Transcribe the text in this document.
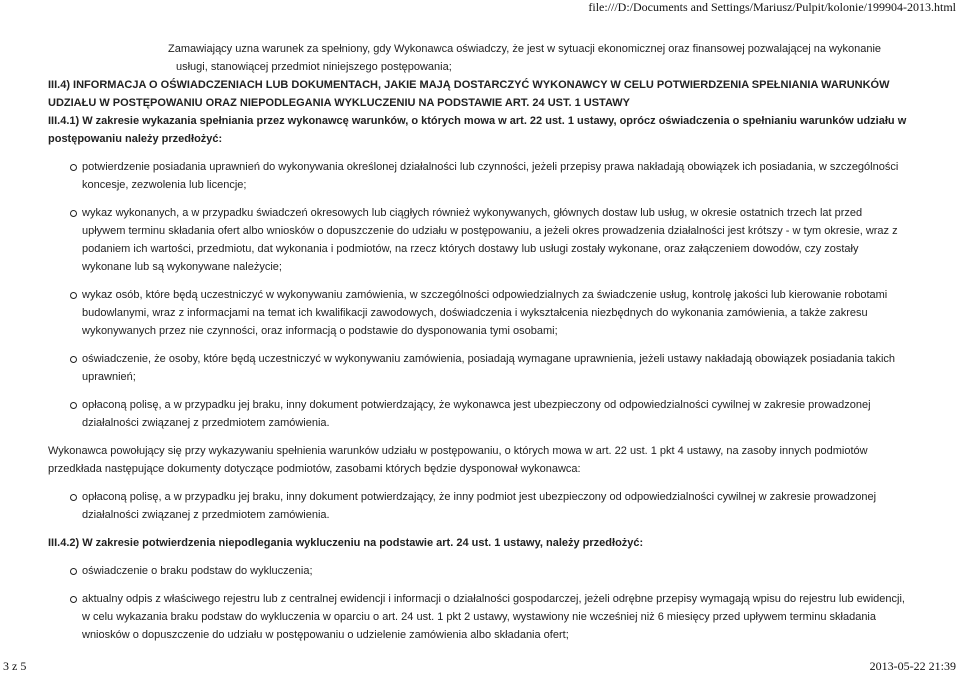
file:///D:/Documents and Settings/Mariusz/Pulpit/kolonie/199904-2013.html
Zamawiający uzna warunek za spełniony, gdy Wykonawca oświadczy, że jest w sytuacji ekonomicznej oraz finansowej pozwalającej na wykonanie
usługi, stanowiącej przedmiot niniejszego postępowania;

III.4) INFORMACJA O OŚWIADCZENIACH LUB DOKUMENTACH, JAKIE MAJĄ DOSTARCZYĆ WYKONAWCY W CELU POTWIERDZENIA SPEŁNIANIA WARUNKÓW UDZIAŁU W POSTĘPOWANIU ORAZ NIEPODLEGANIA WYKLUCZENIU NA PODSTAWIE ART. 24 UST. 1 USTAWY

III.4.1) W zakresie wykazania spełniania przez wykonawcę warunków, o których mowa w art. 22 ust. 1 ustawy, oprócz oświadczenia o spełnianiu warunków udziału w postępowaniu należy przedłożyć:

potwierdzenie posiadania uprawnień do wykonywania określonej działalności lub czynności, jeżeli przepisy prawa nakładają obowiązek ich posiadania, w szczególności koncesje, zezwolenia lub licencje;
wykaz wykonanych, a w przypadku świadczeń okresowych lub ciągłych również wykonywanych, głównych dostaw lub usług, w okresie ostatnich trzech lat przed upływem terminu składania ofert albo wniosków o dopuszczenie do udziału w postępowaniu, a jeżeli okres prowadzenia działalności jest krótszy - w tym okresie, wraz z podaniem ich wartości, przedmiotu, dat wykonania i podmiotów, na rzecz których dostawy lub usługi zostały wykonane, oraz załączeniem dowodów, czy zostały wykonane lub są wykonywane należycie;
wykaz osób, które będą uczestniczyć w wykonywaniu zamówienia, w szczególności odpowiedzialnych za świadczenie usług, kontrolę jakości lub kierowanie robotami budowlanymi, wraz z informacjami na temat ich kwalifikacji zawodowych, doświadczenia i wykształcenia niezbędnych do wykonania zamówienia, a także zakresu wykonywanych przez nie czynności, oraz informacją o podstawie do dysponowania tymi osobami;
oświadczenie, że osoby, które będą uczestniczyć w wykonywaniu zamówienia, posiadają wymagane uprawnienia, jeżeli ustawy nakładają obowiązek posiadania takich uprawnień;
opłaconą polisę, a w przypadku jej braku, inny dokument potwierdzający, że wykonawca jest ubezpieczony od odpowiedzialności cywilnej w zakresie prowadzonej działalności związanej z przedmiotem zamówienia.

Wykonawca powołujący się przy wykazywaniu spełnienia warunków udziału w postępowaniu, o których mowa w art. 22 ust. 1 pkt 4 ustawy, na zasoby innych podmiotów przedkłada następujące dokumenty dotyczące podmiotów, zasobami których będzie dysponował wykonawca:

opłaconą polisę, a w przypadku jej braku, inny dokument potwierdzający, że inny podmiot jest ubezpieczony od odpowiedzialności cywilnej w zakresie prowadzonej działalności związanej z przedmiotem zamówienia.

III.4.2) W zakresie potwierdzenia niepodlegania wykluczeniu na podstawie art. 24 ust. 1 ustawy, należy przedłożyć:

oświadczenie o braku podstaw do wykluczenia;
aktualny odpis z właściwego rejestru lub z centralnej ewidencji i informacji o działalności gospodarczej, jeżeli odrębne przepisy wymagają wpisu do rejestru lub ewidencji, w celu wykazania braku podstaw do wykluczenia w oparciu o art. 24 ust. 1 pkt 2 ustawy, wystawiony nie wcześniej niż 6 miesięcy przed upływem terminu składania wniosków o dopuszczenie do udziału w postępowaniu o udzielenie zamówienia albo składania ofert;
3 z 5	2013-05-22 21:39
